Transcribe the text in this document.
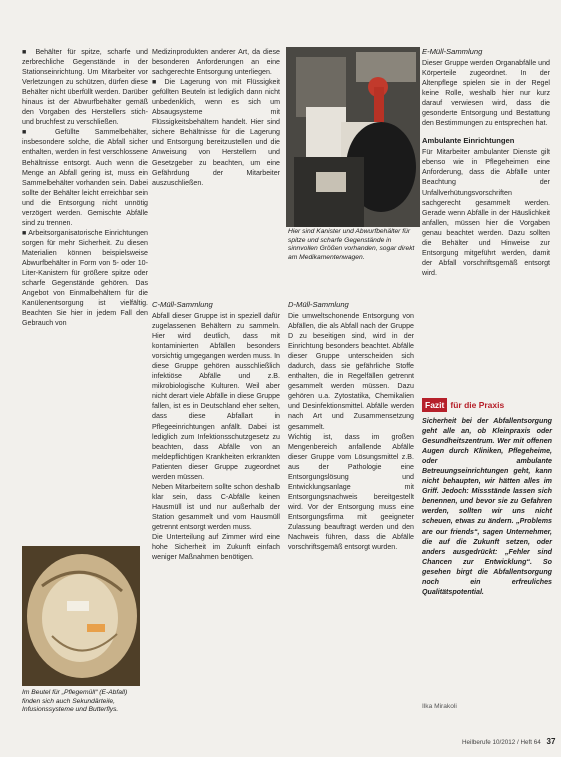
■ Behälter für spitze, scharfe und zerbrechliche Gegenstände in der Stationseinrichtung. Um Mitarbeiter vor Verletzungen zu schützen, dürfen diese Behälter nicht überfüllt werden. Darüber hinaus ist der Abwurfbehälter gemäß den Vorgaben des Herstellers stich- und bruchfest zu verschließen.

■ Gefüllte Sammelbehälter, insbesondere solche, die Abfall sicher enthalten, werden in fest verschlossene Behältnisse entsorgt. Auch wenn die Menge an Abfall gering ist, muss ein Sammelbehälter vorhanden sein. Dabei sollte der Behälter leicht erreichbar sein und die Entsorgung nicht unnötig verzögert werden. Gemischte Abfälle sind zu trennen.

■ Arbeitsorganisatorische Einrichtungen sorgen für mehr Sicherheit. Zu diesen Materialien können beispielsweise Abwurfbehälter in Form von 5- oder 10-Liter-Kanistern für größere spitze oder scharfe Gegenstände gehören. Das Angebot von Einmalbehältern für die Kanülenentsorgung ist vielfältig. Beachten Sie hier in jedem Fall den Gebrauch von

Medizinprodukten anderer Art, da diese besonderen Anforderungen an eine sachgerechte Entsorgung unterliegen.

■ Die Lagerung von mit Flüssigkeit gefüllten Beuteln ist lediglich dann nicht unbedenklich, wenn es sich um Absaugsysteme mit Flüssigkeitsbehältern handelt. Hier sind sichere Behältnisse für die Lagerung und Entsorgung bereitzustellen und die Anweisung von Herstellern und Gesetzgeber zu beachten, um eine Gefährdung der Mitarbeiter auszuschließen.

Hier sind Kanister und Abwurfbehälter für spitze und scharfe Gegenstände in sinnvollen Größen vorhanden, sogar direkt am Medikamentenwagen.
C-Müll-Sammlung

Abfall dieser Gruppe ist in speziell dafür zugelassenen Behältern zu sammeln. Hier wird deutlich, dass mit kontaminierten Abfällen besonders vorsichtig umgegangen werden muss. In diese Gruppe gehören ausschließlich infektiöse Abfälle und z.B. mikrobiologische Kulturen. Weil aber nicht derart viele Abfälle in diese Gruppe fallen, ist es in Deutschland eher selten, dass diese Abfallart in Pflegeeinrichtungen anfällt. Dabei ist lediglich zum Infektionsschutzgesetz zu beachten, dass Abfälle von an meldepflichtigen Krankheiten erkrankten Patienten dieser Gruppe zugeordnet werden müssen.

Neben Mitarbeitern sollte schon deshalb klar sein, dass C-Abfälle keinen Hausmüll ist und nur außerhalb der Station gesammelt und vom Hausmüll getrennt entsorgt werden muss.

Die Unterteilung auf Zimmer wird eine hohe Sicherheit im Zukunft einfach weniger Maßnahmen benötigen.

D-Müll-Sammlung

Die umweltschonende Entsorgung von Abfällen, die als Abfall nach der Gruppe D zu beseitigen sind, wird in der Einrichtung besonders beachtet. Abfälle dieser Gruppe unterscheiden sich dadurch, dass sie gefährliche Stoffe enthalten, die in Regelfällen getrennt gesammelt werden müssen. Dazu gehören u.a. Zytostatika, Chemikalien und Desinfektionsmittel. Abfälle werden nach Art und Zusammensetzung gesammelt.

Wichtig ist, dass im großen Mengenbereich anfallende Abfälle dieser Gruppe vom Lösungsmittel z.B. aus der Pathologie eine Entsorgungslösung und Entwicklungsanlage mit Entsorgungsnachweis bereitgestellt wird. Vor der Entsorgung muss eine Entsorgungsfirma mit geeigneter Zulassung beauftragt werden und den Nachweis führen, dass die Abfälle vorschriftsgemäß entsorgt wurden.

E-Müll-Sammlung

Dieser Gruppe werden Organabfälle und Körperteile zugeordnet. In der Altenpflege spielen sie in der Regel keine Rolle, weshalb hier nur kurz darauf verwiesen wird, dass die gesonderte Entsorgung und Bestattung den Bestimmungen zu entsprechen hat.

Ambulante Einrichtungen

Für Mitarbeiter ambulanter Dienste gilt ebenso wie in Pflegeheimen eine Anforderung, dass die Abfälle unter Beachtung der Unfallverhütungsvorschriften sachgerecht gesammelt werden. Gerade wenn Abfälle in der Häuslichkeit anfallen, müssen hier die Vorgaben genau beachtet werden. Dazu sollten die Behälter und Hinweise zur Entsorgung mitgeführt werden, damit der Abfall vorschriftsgemäß entsorgt wird.

Fazit für die Praxis
Sicherheit bei der Abfallentsorgung geht alle an, ob Kleinpraxis oder Gesundheitszentrum. Wer mit offenen Augen durch Kliniken, Pflegeheime, oder ambulante Betreuungseinrichtungen geht, kann nicht behaupten, wir hätten alles im Griff. Jedoch: Missstände lassen sich benennen, und bevor sie zu Gefahren werden, sollten wir uns nicht scheuen, etwas zu ändern. „Problems are our friends“, sagen Unternehmer, die auf die Zukunft setzen, oder anders ausgedrückt: „Fehler sind Chancen zur Entwicklung“. So gesehen birgt die Abfallentsorgung noch ein erfreuliches Qualitätspotential.
Ilka Mirakoli
Im Beutel für „Pflegemüll“ (E-Abfall) finden sich auch Sekundärteile, Infusionssysteme und Butterflys.
Heilberufe 10/2012 / Heft 64 37
